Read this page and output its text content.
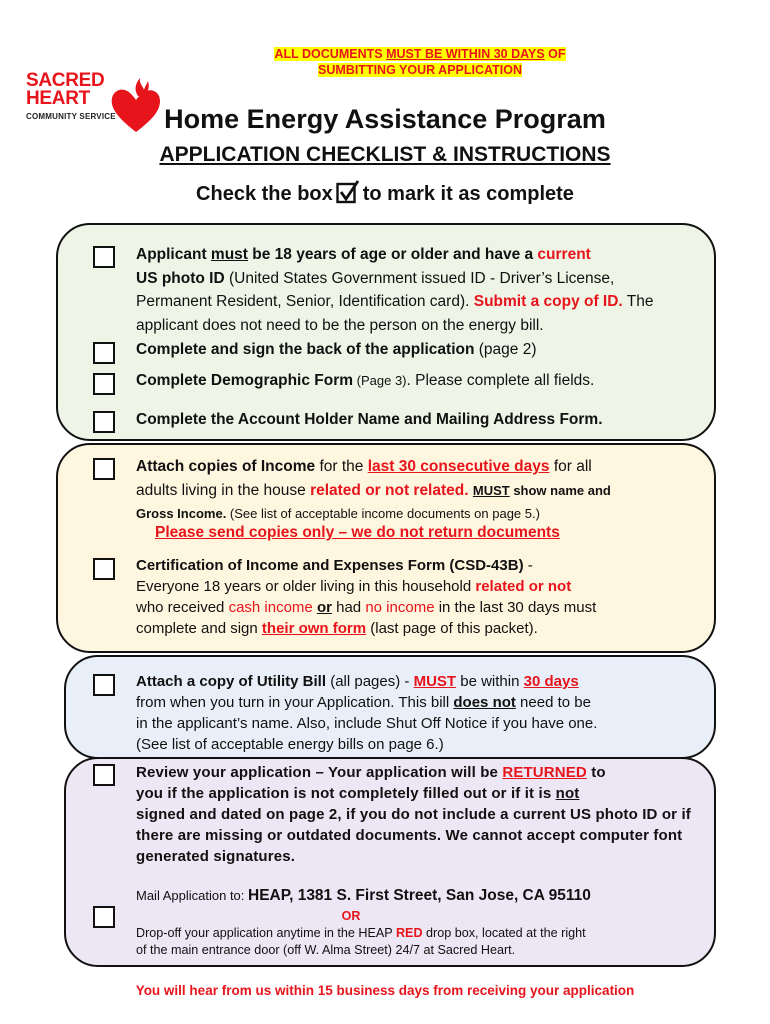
ALL DOCUMENTS MUST BE WITHIN 30 DAYS OF
SUMBITTING YOUR APPLICATION
SACRED
HEART
COMMUNITY SERVICE	Home Energy Assistance Program
APPLICATION CHECKLIST & INSTRUCTIONS
Check the box to mark it as complete
Applicant must be 18 years of age or older and have a current
US photo ID (United States Government issued ID - Driver’s License, Permanent Resident, Senior, Identification card). Submit a copy of ID. The applicant does not need to be the person on the energy bill.
Complete and sign the back of the application (page 2)
Complete Demographic Form (Page 3). Please complete all fields.
Complete the Account Holder Name and Mailing Address Form.
Attach copies of Income for the last 30 consecutive days for all
adults living in the house related or not related. MUST show name and
Gross Income. (See list of acceptable income documents on page 5.)
Please send copies only – we do not return documents
Certification of Income and Expenses Form (CSD-43B) -
Everyone 18 years or older living in this household related or not
who received cash income or had no income in the last 30 days must
complete and sign their own form (last page of this packet).
Attach a copy of Utility Bill (all pages) - MUST be within 30 days
from when you turn in your Application. This bill does not need to be
in the applicant’s name. Also, include Shut Off Notice if you have one.
(See list of acceptable energy bills on page 6.)
Review your application – Your application will be RETURNED to
you if the application is not completely filled out or if it is not
signed and dated on page 2, if you do not include a current US photo ID or if there are missing or outdated documents. We cannot accept computer font generated signatures.
Mail Application to: HEAP, 1381 S. First Street, San Jose, CA 95110
OR
Drop-off your application anytime in the HEAP RED drop box, located at the right
of the main entrance door (off W. Alma Street) 24/7 at Sacred Heart.
You will hear from us within 15 business days from receiving your application
